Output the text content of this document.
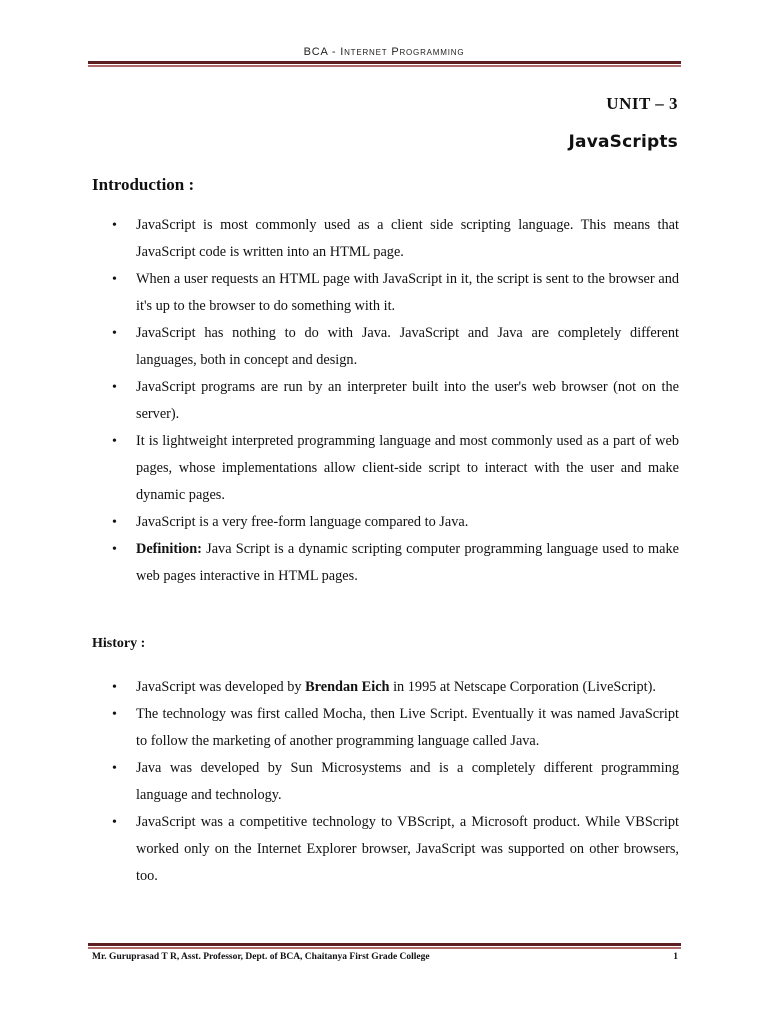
BCA - Internet Programming
UNIT – 3
JavaScripts
Introduction :
• JavaScript is most commonly used as a client side scripting language. This means that JavaScript code is written into an HTML page.
• When a user requests an HTML page with JavaScript in it, the script is sent to the browser and it's up to the browser to do something with it.
• JavaScript has nothing to do with Java. JavaScript and Java are completely different languages, both in concept and design.
• JavaScript programs are run by an interpreter built into the user's web browser (not on the server).
• It is lightweight interpreted programming language and most commonly used as a part of web pages, whose implementations allow client-side script to interact with the user and make dynamic pages.
• JavaScript is a very free-form language compared to Java.
• Definition: Java Script is a dynamic scripting computer programming language used to make web pages interactive in HTML pages.
History :
• JavaScript was developed by Brendan Eich in 1995 at Netscape Corporation (LiveScript).
• The technology was first called Mocha, then Live Script. Eventually it was named JavaScript to follow the marketing of another programming language called Java.
• Java was developed by Sun Microsystems and is a completely different programming language and technology.
• JavaScript was a competitive technology to VBScript, a Microsoft product. While VBScript worked only on the Internet Explorer browser, JavaScript was supported on other browsers, too.
Mr. Guruprasad T R, Asst. Professor, Dept. of BCA, Chaitanya First Grade College	1
